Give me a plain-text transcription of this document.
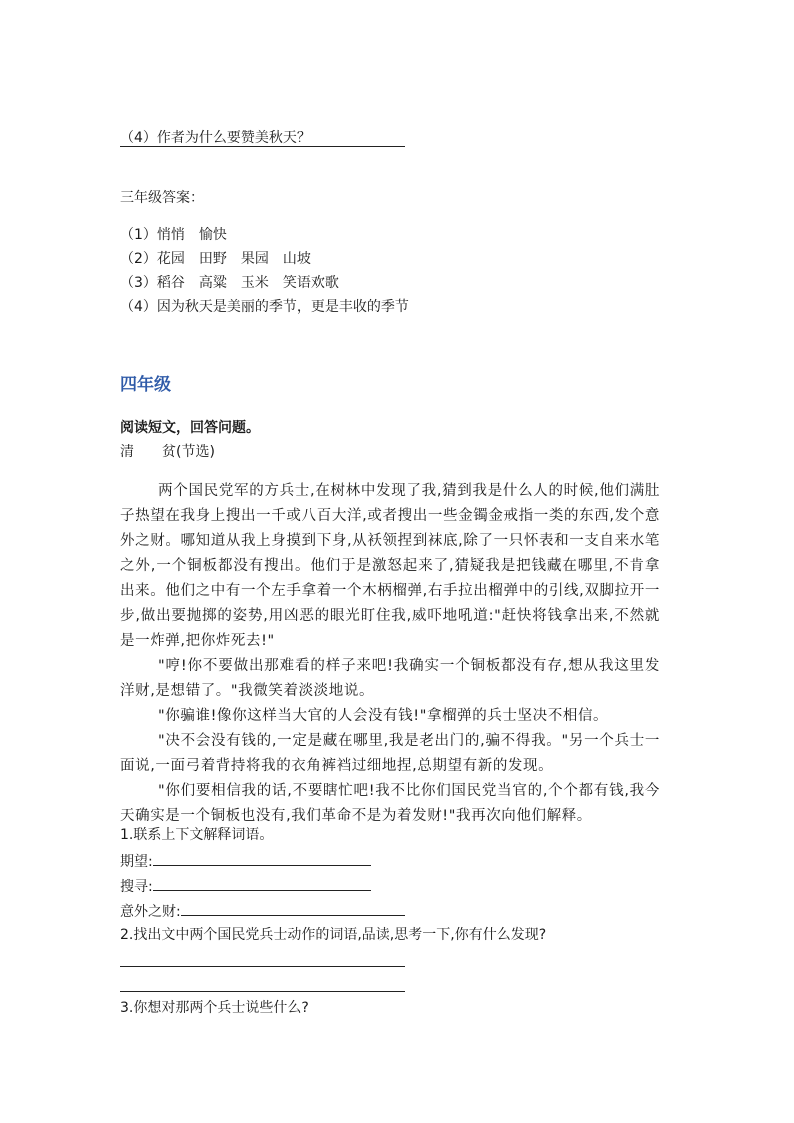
（4）作者为什么要赞美秋天？
三年级答案：
（1）悄悄　愉快
（2）花园　田野　果园　山坡
（3）稻谷　高粱　玉米　笑语欢歌
（4）因为秋天是美丽的季节，更是丰收的季节
四年级
阅读短文，回答问题。
清　　贫(节选)
两个国民党军的方兵士,在树林中发现了我,猜到我是什么人的时候,他们满肚子热望在我身上搜出一千或八百大洋,或者搜出一些金镯金戒指一类的东西,发个意外之财。哪知道从我上身摸到下身,从袄领捏到袜底,除了一只怀表和一支自来水笔之外,一个铜板都没有搜出。他们于是激怒起来了,猜疑我是把钱藏在哪里,不肯拿出来。他们之中有一个左手拿着一个木柄榴弹,右手拉出榴弹中的引线,双脚拉开一步,做出要抛掷的姿势,用凶恶的眼光盯住我,威吓地吼道:"赶快将钱拿出来,不然就是一炸弹,把你炸死去!"
"哼!你不要做出那难看的样子来吧!我确实一个铜板都没有存,想从我这里发洋财,是想错了。"我微笑着淡淡地说。
"你骗谁!像你这样当大官的人会没有钱!"拿榴弹的兵士坚决不相信。
"决不会没有钱的,一定是藏在哪里,我是老出门的,骗不得我。"另一个兵士一面说,一面弓着背持将我的衣角裤裆过细地捏,总期望有新的发现。
"你们要相信我的话,不要瞎忙吧!我不比你们国民党当官的,个个都有钱,我今天确实是一个铜板也没有,我们革命不是为着发财!"我再次向他们解释。
1.联系上下文解释词语。
期望:
搜寻:
意外之财:
2.找出文中两个国民党兵士动作的词语,品读,思考一下,你有什么发现?
3.你想对那两个兵士说些什么?
